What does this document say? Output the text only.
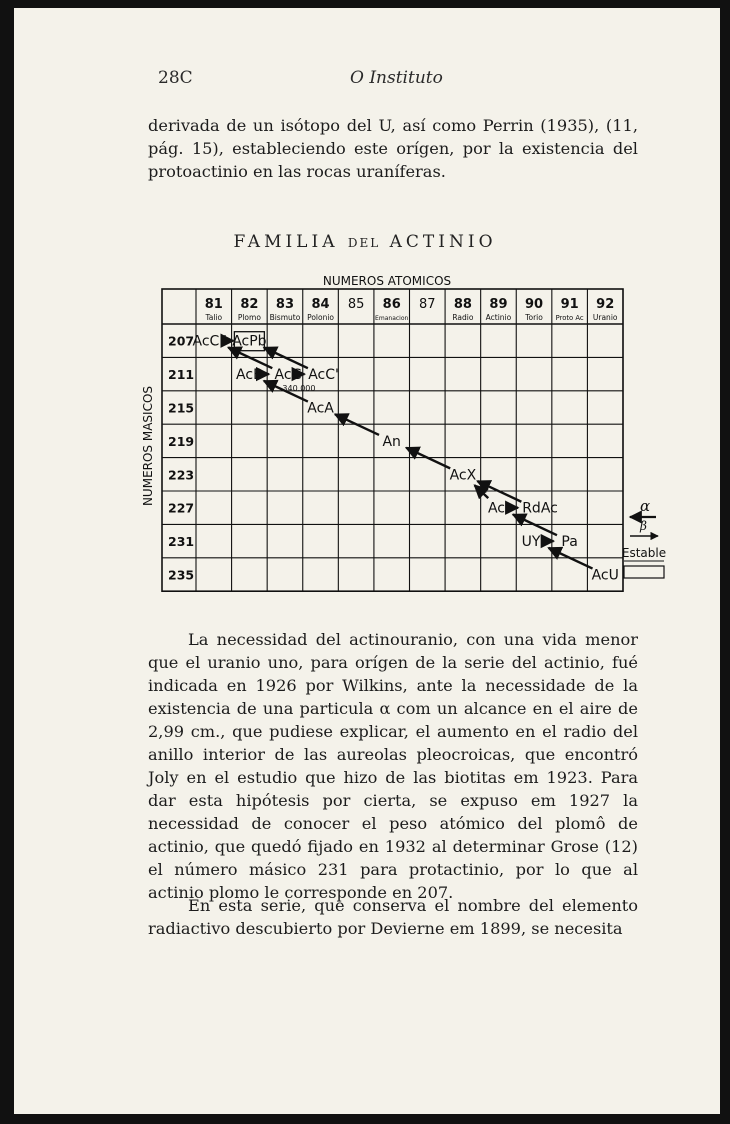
28C	O Instituto

derivada de un isótopo del U, así como Perrin (1935), (11, pág. 15), estableciendo este orígen, por la existencia del protoactinio en las rocas uraníferas.

FAMILIA DEL ACTINIO
NUMEROS ATOMICOS
NUMEROS MASICOS
81
Talio
82
Plomo
83
Bismuto
84
Polonio
85 86
Emanacion
87 88
Radio
89
Actinio
90
Torio
91
Proto Ac
92
Uranio
207
211
215
219
223
227
231
235
AcC'' AcPb
AcB AcC AcC'
AcA
An
AcX
Ac RdAc
UY Pa
AcU
340.000
α
β
Estable

La necessidad del actinouranio, con una vida menor que el uranio uno, para orígen de la serie del actinio, fué indicada en 1926 por Wilkins, ante la necessidade de la existencia de una particula α com un alcance en el aire de 2,99 cm., que pudiese explicar, el aumento en el radio del anillo interior de las aureolas pleocroicas, que encontró Joly en el estudio que hizo de las biotitas em 1923. Para dar esta hipótesis por cierta, se expuso em 1927 la necessidad de conocer el peso atómico del plomô de actinio, que quedó fijado en 1932 al determinar Grose (12) el número másico 231 para protactinio, por lo que al actinio plomo le corresponde en 207.

En esta serie, que conserva el nombre del elemento radiactivo descubierto por Devierne em 1899, se necesita
